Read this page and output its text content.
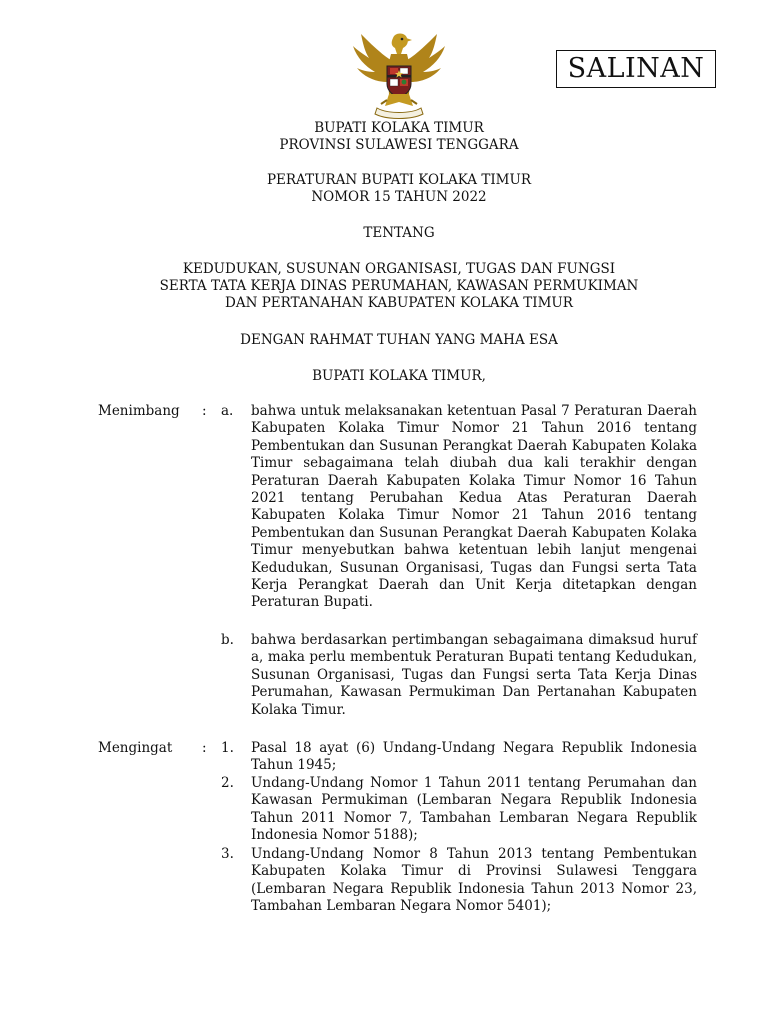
SALINAN
BUPATI KOLAKA TIMUR
PROVINSI SULAWESI TENGGARA
PERATURAN BUPATI KOLAKA TIMUR
NOMOR 15 TAHUN 2022
TENTANG
KEDUDUKAN, SUSUNAN ORGANISASI, TUGAS DAN FUNGSI
SERTA TATA KERJA DINAS PERUMAHAN, KAWASAN PERMUKIMAN
DAN PERTANAHAN KABUPATEN KOLAKA TIMUR
DENGAN RAHMAT TUHAN YANG MAHA ESA
BUPATI KOLAKA TIMUR,
Menimbang : a. bahwa untuk melaksanakan ketentuan Pasal 7 Peraturan Daerah Kabupaten Kolaka Timur Nomor 21 Tahun 2016 tentang Pembentukan dan Susunan Perangkat Daerah Kabupaten Kolaka Timur sebagaimana telah diubah dua kali terakhir dengan Peraturan Daerah Kabupaten Kolaka Timur Nomor 16 Tahun 2021 tentang Perubahan Kedua Atas Peraturan Daerah Kabupaten Kolaka Timur Nomor 21 Tahun 2016 tentang Pembentukan dan Susunan Perangkat Daerah Kabupaten Kolaka Timur menyebutkan bahwa ketentuan lebih lanjut mengenai Kedudukan, Susunan Organisasi, Tugas dan Fungsi serta Tata Kerja Perangkat Daerah dan Unit Kerja ditetapkan dengan Peraturan Bupati.
b. bahwa berdasarkan pertimbangan sebagaimana dimaksud huruf a, maka perlu membentuk Peraturan Bupati tentang Kedudukan, Susunan Organisasi, Tugas dan Fungsi serta Tata Kerja Dinas Perumahan, Kawasan Permukiman Dan Pertanahan Kabupaten Kolaka Timur.
Mengingat : 1. Pasal 18 ayat (6) Undang-Undang Negara Republik Indonesia Tahun 1945;
2. Undang-Undang Nomor 1 Tahun 2011 tentang Perumahan dan Kawasan Permukiman (Lembaran Negara Republik Indonesia Tahun 2011 Nomor 7, Tambahan Lembaran Negara Republik Indonesia Nomor 5188);
3. Undang-Undang Nomor 8 Tahun 2013 tentang Pembentukan Kabupaten Kolaka Timur di Provinsi Sulawesi Tenggara (Lembaran Negara Republik Indonesia Tahun 2013 Nomor 23, Tambahan Lembaran Negara Nomor 5401);
